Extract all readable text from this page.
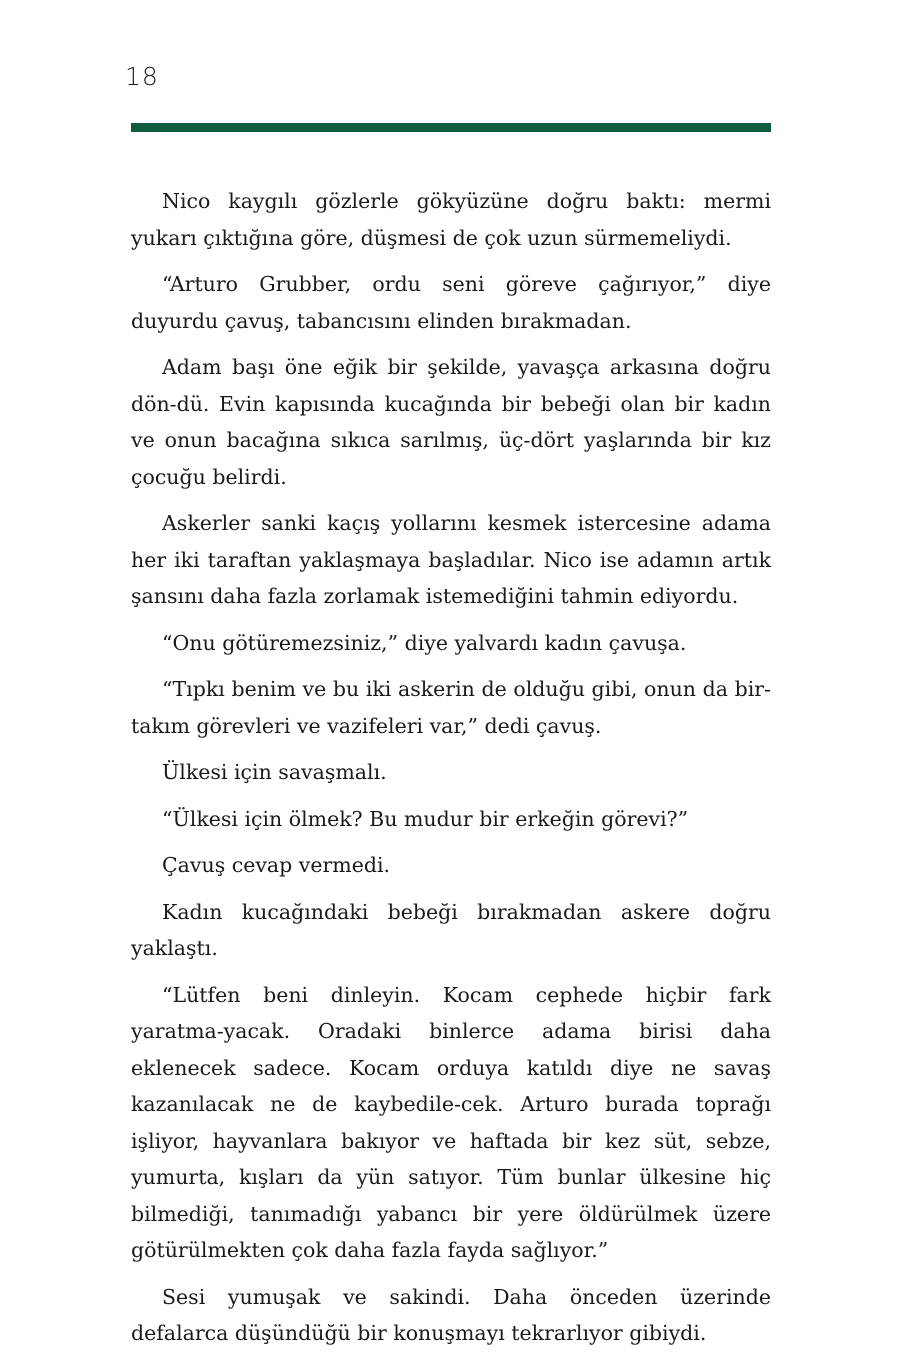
18

Nico kaygılı gözlerle gökyüzüne doğru baktı: mermi yukarı çıktığına göre, düşmesi de çok uzun sürmemeliydi.

“Arturo Grubber, ordu seni göreve çağırıyor,” diye duyurdu çavuş, tabancısını elinden bırakmadan.

Adam başı öne eğik bir şekilde, yavaşça arkasına doğru dön-dü. Evin kapısında kucağında bir bebeği olan bir kadın ve onun bacağına sıkıca sarılmış, üç-dört yaşlarında bir kız çocuğu belirdi.

Askerler sanki kaçış yollarını kesmek istercesine adama her iki taraftan yaklaşmaya başladılar. Nico ise adamın artık şansını daha fazla zorlamak istemediğini tahmin ediyordu.

“Onu götüremezsiniz,” diye yalvardı kadın çavuşa.

“Tıpkı benim ve bu iki askerin de olduğu gibi, onun da bir-takım görevleri ve vazifeleri var,” dedi çavuş.

Ülkesi için savaşmalı.

“Ülkesi için ölmek? Bu mudur bir erkeğin görevi?”

Çavuş cevap vermedi.

Kadın kucağındaki bebeği bırakmadan askere doğru yaklaştı.

“Lütfen beni dinleyin. Kocam cephede hiçbir fark yaratma-yacak. Oradaki binlerce adama birisi daha eklenecek sadece. Kocam orduya katıldı diye ne savaş kazanılacak ne de kaybedile-cek. Arturo burada toprağı işliyor, hayvanlara bakıyor ve haftada bir kez süt, sebze, yumurta, kışları da yün satıyor. Tüm bunlar ülkesine hiç bilmediği, tanımadığı yabancı bir yere öldürülmek üzere götürülmekten çok daha fazla fayda sağlıyor.”

Sesi yumuşak ve sakindi. Daha önceden üzerinde defalarca düşündüğü bir konuşmayı tekrarlıyor gibiydi.
